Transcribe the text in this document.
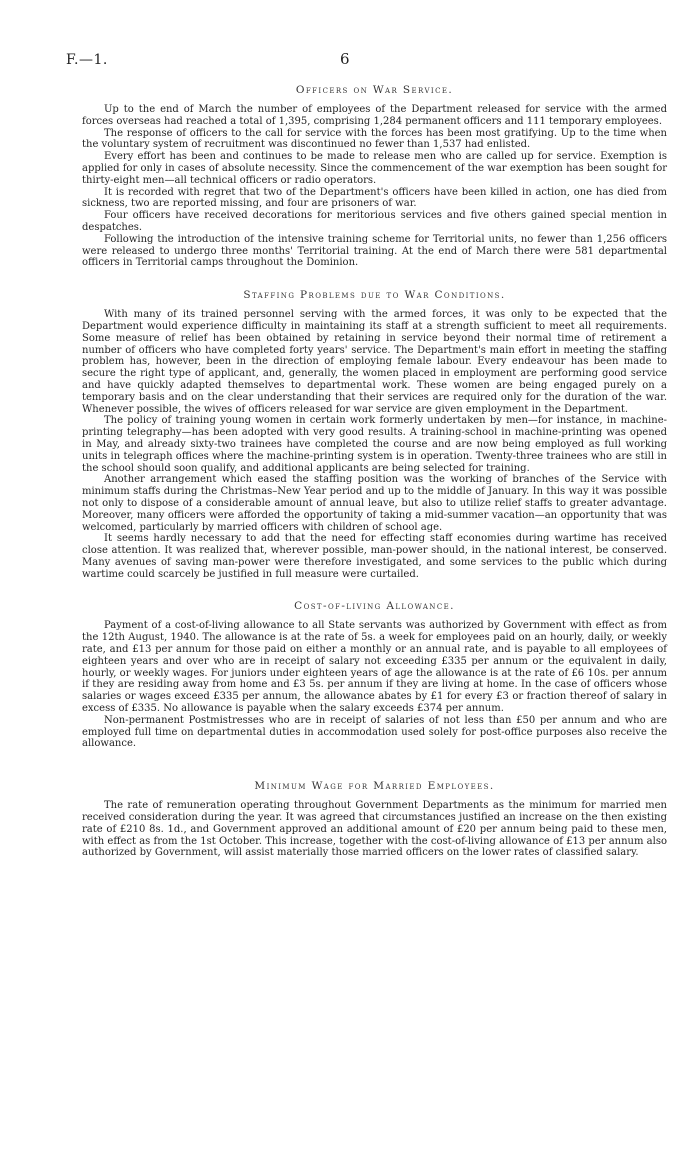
F.—1.	6
Officers on War Service.

Up to the end of March the number of employees of the Department released for service with the armed forces overseas had reached a total of 1,395, comprising 1,284 permanent officers and 111 temporary employees.

The response of officers to the call for service with the forces has been most gratifying. Up to the time when the voluntary system of recruitment was discontinued no fewer than 1,537 had enlisted.

Every effort has been and continues to be made to release men who are called up for service. Exemption is applied for only in cases of absolute necessity. Since the commencement of the war exemption has been sought for thirty-eight men—all technical officers or radio operators.

It is recorded with regret that two of the Department's officers have been killed in action, one has died from sickness, two are reported missing, and four are prisoners of war.

Four officers have received decorations for meritorious services and five others gained special mention in despatches.

Following the introduction of the intensive training scheme for Territorial units, no fewer than 1,256 officers were released to undergo three months' Territorial training. At the end of March there were 581 departmental officers in Territorial camps throughout the Dominion.

Staffing Problems due to War Conditions.

With many of its trained personnel serving with the armed forces, it was only to be expected that the Department would experience difficulty in maintaining its staff at a strength sufficient to meet all requirements. Some measure of relief has been obtained by retaining in service beyond their normal time of retirement a number of officers who have completed forty years' service. The Department's main effort in meeting the staffing problem has, however, been in the direction of employing female labour. Every endeavour has been made to secure the right type of applicant, and, generally, the women placed in employment are performing good service and have quickly adapted themselves to departmental work. These women are being engaged purely on a temporary basis and on the clear understanding that their services are required only for the duration of the war. Whenever possible, the wives of officers released for war service are given employment in the Department.

The policy of training young women in certain work formerly undertaken by men—for instance, in machine-printing telegraphy—has been adopted with very good results. A training-school in machine-printing was opened in May, and already sixty-two trainees have completed the course and are now being employed as full working units in telegraph offices where the machine-printing system is in operation. Twenty-three trainees who are still in the school should soon qualify, and additional applicants are being selected for training.

Another arrangement which eased the staffing position was the working of branches of the Service with minimum staffs during the Christmas–New Year period and up to the middle of January. In this way it was possible not only to dispose of a considerable amount of annual leave, but also to utilize relief staffs to greater advantage. Moreover, many officers were afforded the opportunity of taking a mid-summer vacation—an opportunity that was welcomed, particularly by married officers with children of school age.

It seems hardly necessary to add that the need for effecting staff economies during wartime has received close attention. It was realized that, wherever possible, man-power should, in the national interest, be conserved. Many avenues of saving man-power were therefore investigated, and some services to the public which during wartime could scarcely be justified in full measure were curtailed.

Cost-of-living Allowance.

Payment of a cost-of-living allowance to all State servants was authorized by Government with effect as from the 12th August, 1940. The allowance is at the rate of 5s. a week for employees paid on an hourly, daily, or weekly rate, and £13 per annum for those paid on either a monthly or an annual rate, and is payable to all employees of eighteen years and over who are in receipt of salary not exceeding £335 per annum or the equivalent in daily, hourly, or weekly wages. For juniors under eighteen years of age the allowance is at the rate of £6 10s. per annum if they are residing away from home and £3 5s. per annum if they are living at home. In the case of officers whose salaries or wages exceed £335 per annum, the allowance abates by £1 for every £3 or fraction thereof of salary in excess of £335. No allowance is payable when the salary exceeds £374 per annum.

Non-permanent Postmistresses who are in receipt of salaries of not less than £50 per annum and who are employed full time on departmental duties in accommodation used solely for post-office purposes also receive the allowance.

Minimum Wage for Married Employees.

The rate of remuneration operating throughout Government Departments as the minimum for married men received consideration during the year. It was agreed that circumstances justified an increase on the then existing rate of £210 8s. 1d., and Government approved an additional amount of £20 per annum being paid to these men, with effect as from the 1st October. This increase, together with the cost-of-living allowance of £13 per annum also authorized by Government, will assist materially those married officers on the lower rates of classified salary.
